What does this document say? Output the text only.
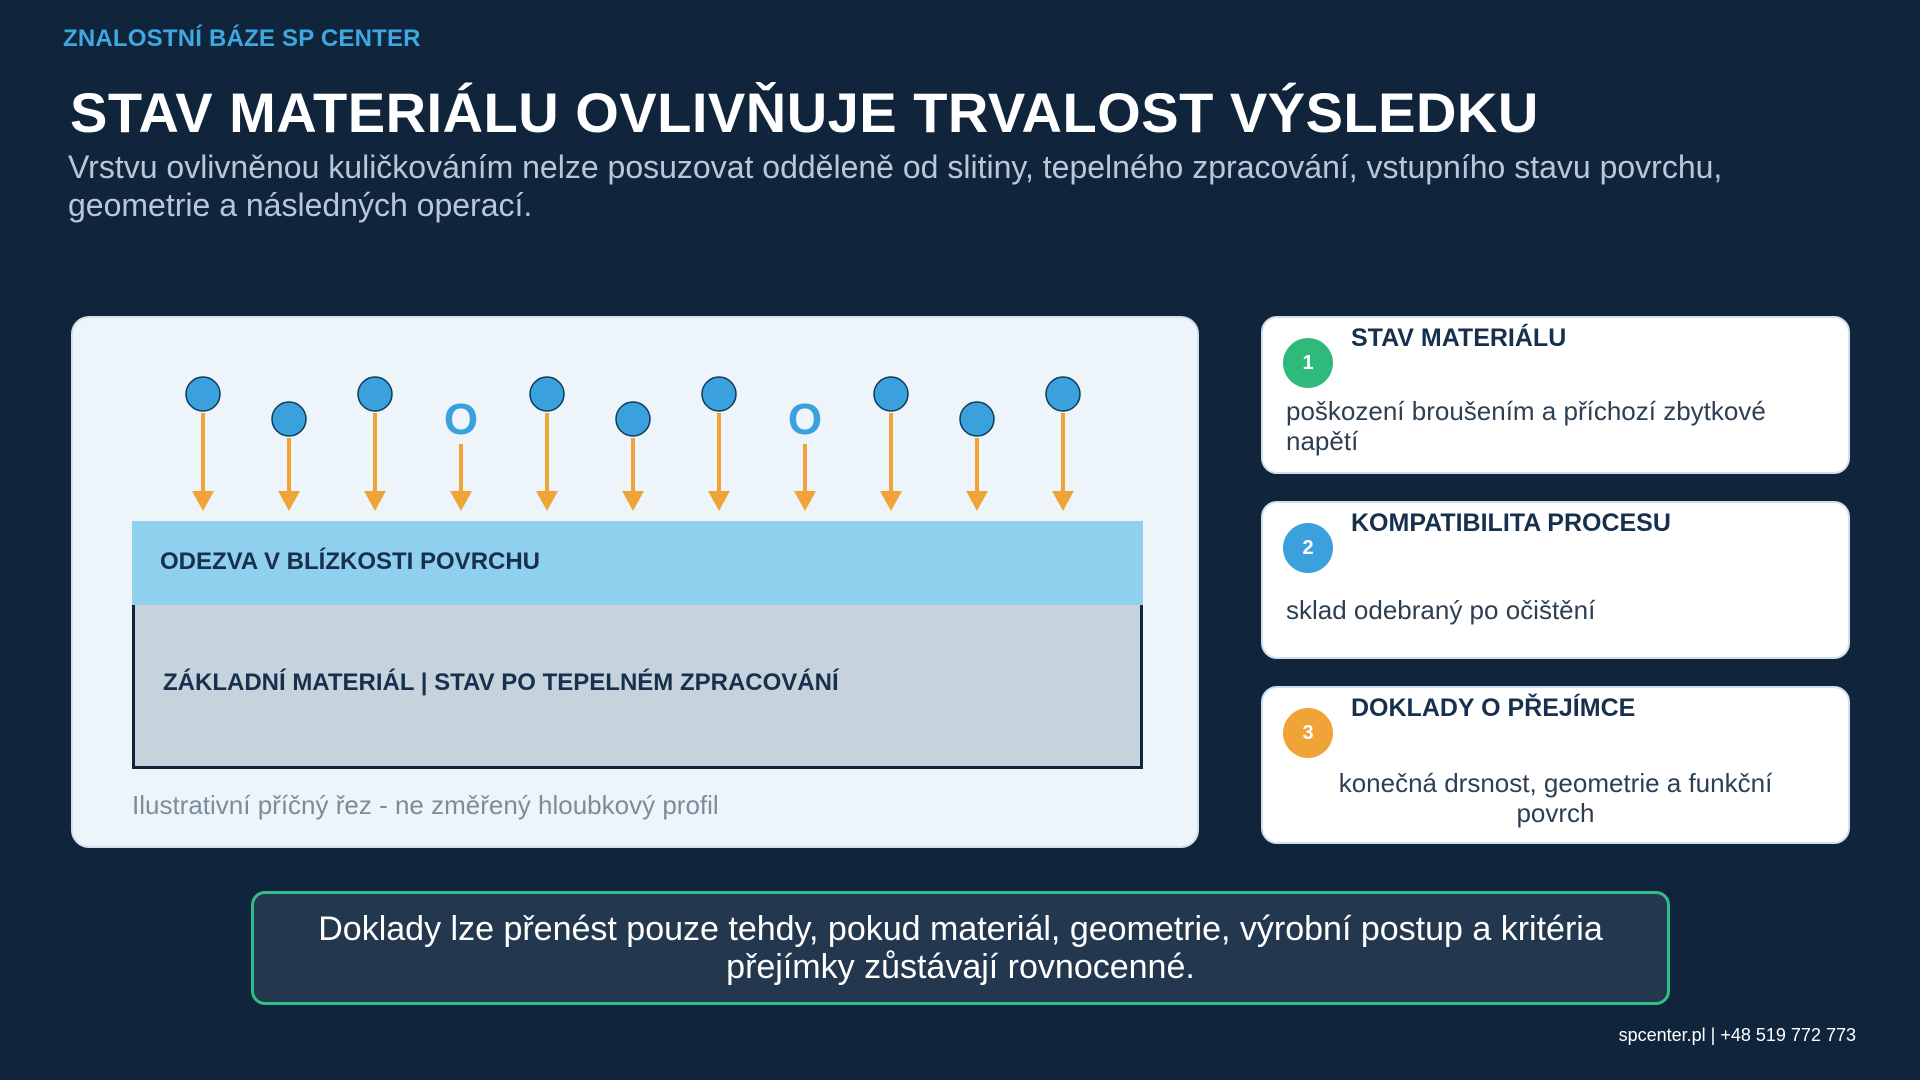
ZNALOSTNÍ BÁZE SP CENTER
STAV MATERIÁLU OVLIVŇUJE TRVALOST VÝSLEDKU
Vrstvu ovlivněnou kuličkováním nelze posuzovat odděleně od slitiny, tepelného zpracování, vstupního stavu povrchu, geometrie a následných operací.
O	O
ODEZVA V BLÍZKOSTI POVRCHU
ZÁKLADNÍ MATERIÁL | STAV PO TEPELNÉM ZPRACOVÁNÍ
Ilustrativní příčný řez - ne změřený hloubkový profil
1
STAV MATERIÁLU
poškození broušením a příchozí zbytkové napětí
2
KOMPATIBILITA PROCESU
sklad odebraný po očištění
3
DOKLADY O PŘEJÍMCE
konečná drsnost, geometrie a funkční povrch
Doklady lze přenést pouze tehdy, pokud materiál, geometrie, výrobní postup a kritéria přejímky zůstávají rovnocenné.
spcenter.pl | +48 519 772 773
